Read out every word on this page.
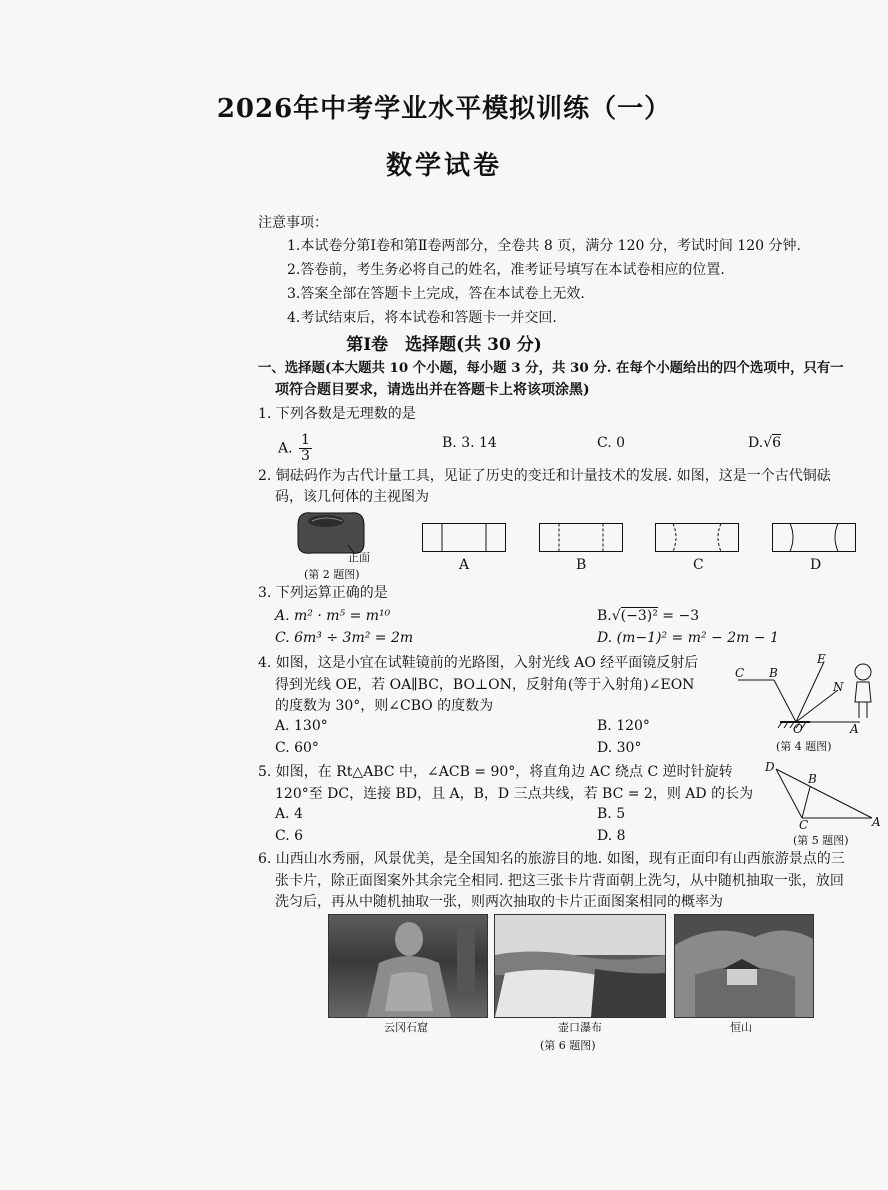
2026年中考学业水平模拟训练（一）
数学试卷
注意事项：
1.本试卷分第Ⅰ卷和第Ⅱ卷两部分，全卷共 8 页，满分 120 分，考试时间 120 分钟.
2.答卷前，考生务必将自己的姓名，准考证号填写在本试卷相应的位置.
3.答案全部在答题卡上完成，答在本试卷上无效.
4.考试结束后，将本试卷和答题卡一并交回.
第Ⅰ卷　选择题(共 30 分)
一、选择题(本大题共 10 个小题，每小题 3 分，共 30 分. 在每个小题给出的四个选项中，只有一
项符合题目要求，请选出并在答题卡上将该项涂黑)
1. 下列各数是无理数的是
A. $\frac{1}{3}$	B. 3. 14	C. 0	D.√6
2. 铜砝码作为古代计量工具，见证了历史的变迁和计量技术的发展. 如图，这是一个古代铜砝
码，该几何体的主视图为
正面
(第 2 题图)
A	B	C	D
3. 下列运算正确的是
A. m² · m⁵ = m¹⁰	B.√(−3)² = −3
C. 6m³ ÷ 3m² = 2m	D. (m−1)² = m² − 2m − 1
4. 如图，这是小宜在试鞋镜前的光路图，入射光线 AO 经平面镜反射后
得到光线 OE，若 OA∥BC，BO⊥ON，反射角(等于入射角)∠EON
的度数为 30°，则∠CBO 的度数为
A. 130°	B. 120°
C. 60°	D. 30°
C B
E
N
O	A
(第 4 题图)
5. 如图，在 Rt△ABC 中，∠ACB = 90°，将直角边 AC 绕点 C 逆时针旋转
120°至 DC，连接 BD，且 A，B，D 三点共线，若 BC = 2，则 AD 的长为
A. 4	B. 5
C. 6	D. 8
D
B
C	A
(第 5 题图)
6. 山西山水秀丽，风景优美，是全国知名的旅游目的地. 如图，现有正面印有山西旅游景点的三
张卡片，除正面图案外其余完全相同. 把这三张卡片背面朝上洗匀，从中随机抽取一张，放回
洗匀后，再从中随机抽取一张，则两次抽取的卡片正面图案相同的概率为
云冈石窟	壶口瀑布	恒山
(第 6 题图)
